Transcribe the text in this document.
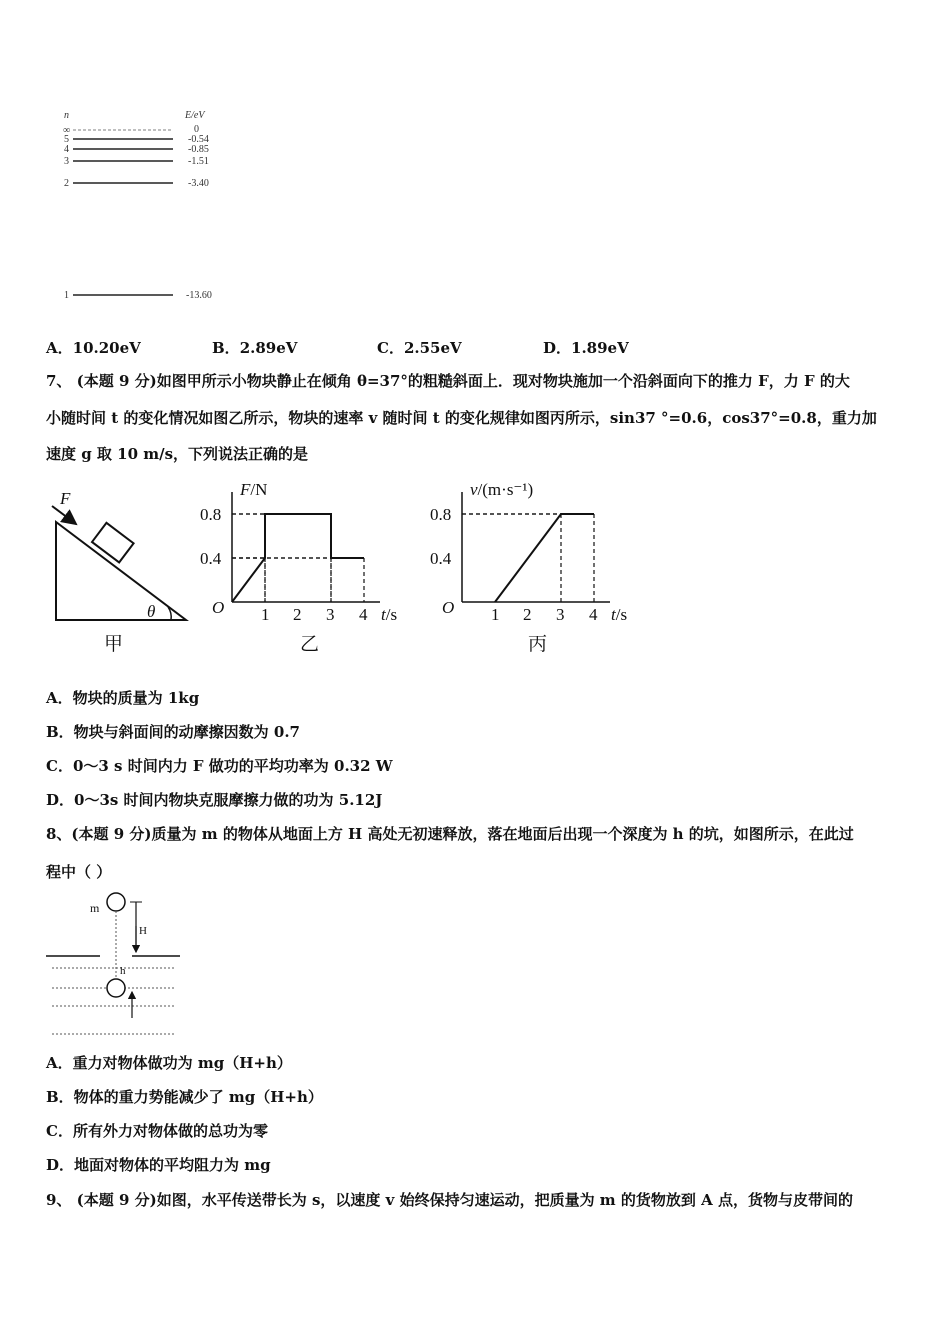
n	E/eV
∞	0
5	-0.54
4	-0.85
3	-1.51
2	-3.40
1	-13.60
A．10.20eV	B．2.89eV	C．2.55eV	D．1.89eV
7、 (本题 9 分)如图甲所示小物块静止在倾角 θ=37°的粗糙斜面上．现对物块施加一个沿斜面向下的推力 F，力 F 的大
小随时间 t 的变化情况如图乙所示，物块的速率 v 随时间 t 的变化规律如图丙所示，sin37 °=0.6，cos37°=0.8，重力加
速度 g 取 10 m/s，下列说法正确的是
F
θ
甲
F/N
t/s
O
0.8
0.4
1 2 3 4
乙
v/(m·s⁻¹)
t/s
O
0.8
0.4
1 2 3 4
丙
A．物块的质量为 1kg
B．物块与斜面间的动摩擦因数为 0.7
C．0～3 s 时间内力 F 做功的平均功率为 0.32 W
D．0～3s 时间内物块克服摩擦力做的功为 5.12J
8、(本题 9 分)质量为 m 的物体从地面上方 H 高处无初速释放，落在地面后出现一个深度为 h 的坑，如图所示，在此过
程中（ ）
m
H
h
A．重力对物体做功为 mg（H+h）
B．物体的重力势能减少了 mg（H+h）
C．所有外力对物体做的总功为零
D．地面对物体的平均阻力为 mg
9、 (本题 9 分)如图，水平传送带长为 s，以速度 v 始终保持匀速运动，把质量为 m 的货物放到 A 点，货物与皮带间的
